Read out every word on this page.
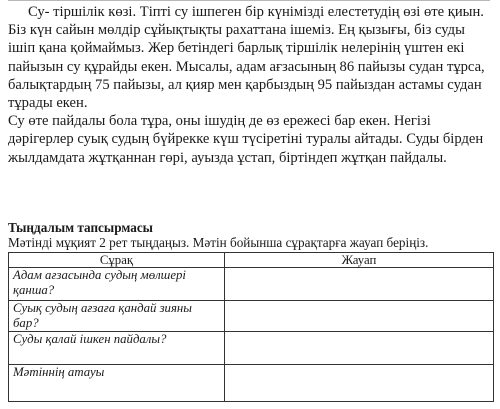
Су- тіршілік көзі. Тіпті су ішпеген бір күнімізді елестетудің өзі өте қиын. Біз күн сайын мөлдір сұйықтықты рахаттана ішеміз. Ең қызығы, біз суды ішіп қана қоймаймыз. Жер бетіндегі барлық тіршілік нелерінің үштен екі пайызын су құрайды екен. Мысалы, адам ағзасының 86 пайызы судан тұрса, балықтардың 75 пайызы, ал қияр мен қарбыздың 95 пайыздан астамы судан тұрады екен.

Су өте пайдалы бола тұра, оны ішудің де өз ережесі бар екен. Негізі дәрігерлер суық судың бүйрекке күш түсіретіні туралы айтады. Суды бірден жылдамдата жұтқаннан гөрі, ауызда ұстап, біртіндеп жұтқан пайдалы.

Тыңдалым тапсырмасы

Мәтінді мұқият 2 рет тыңдаңыз. Мәтін бойынша сұрақтарға жауап беріңіз.

Сұрақ	Жауап
Адам ағзасында судың мөлшері қанша?	
Суық судың ағзаға қандай зияны бар?	
Суды қалай ішкен пайдалы?	
Мәтіннің атауы	
